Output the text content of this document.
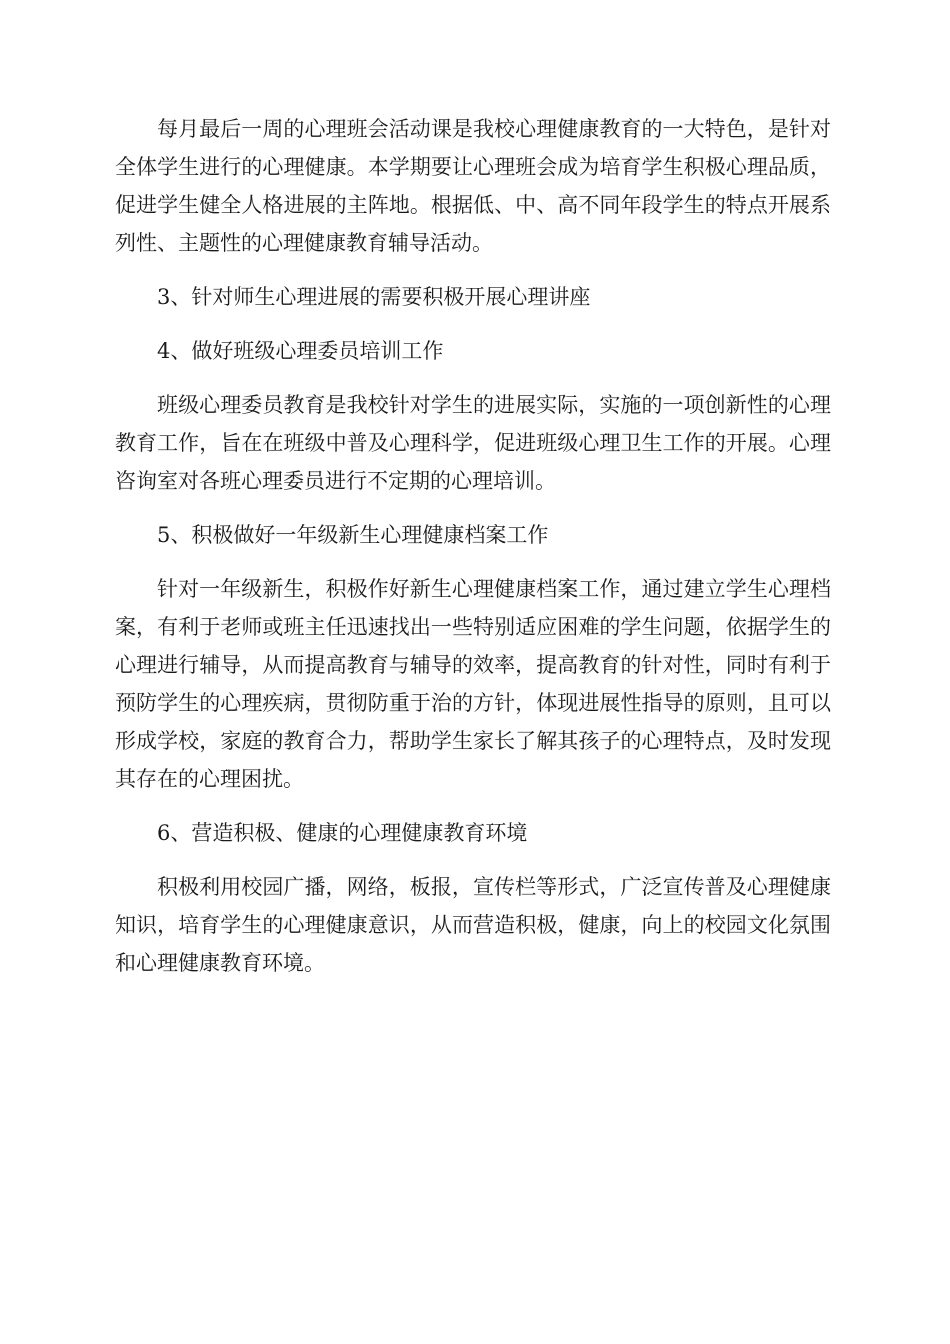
每月最后一周的心理班会活动课是我校心理健康教育的一大特色，是针对全体学生进行的心理健康。本学期要让心理班会成为培育学生积极心理品质，促进学生健全人格进展的主阵地。根据低、中、高不同年段学生的特点开展系列性、主题性的心理健康教育辅导活动。

3、针对师生心理进展的需要积极开展心理讲座

4、做好班级心理委员培训工作

班级心理委员教育是我校针对学生的进展实际，实施的一项创新性的心理教育工作，旨在在班级中普及心理科学，促进班级心理卫生工作的开展。心理咨询室对各班心理委员进行不定期的心理培训。

5、积极做好一年级新生心理健康档案工作

针对一年级新生，积极作好新生心理健康档案工作，通过建立学生心理档案，有利于老师或班主任迅速找出一些特别适应困难的学生问题，依据学生的心理进行辅导，从而提高教育与辅导的效率，提高教育的针对性，同时有利于预防学生的心理疾病，贯彻防重于治的方针，体现进展性指导的原则，且可以形成学校，家庭的教育合力，帮助学生家长了解其孩子的心理特点，及时发现其存在的心理困扰。

6、营造积极、健康的心理健康教育环境

积极利用校园广播，网络，板报，宣传栏等形式，广泛宣传普及心理健康知识，培育学生的心理健康意识，从而营造积极，健康，向上的校园文化氛围和心理健康教育环境。
